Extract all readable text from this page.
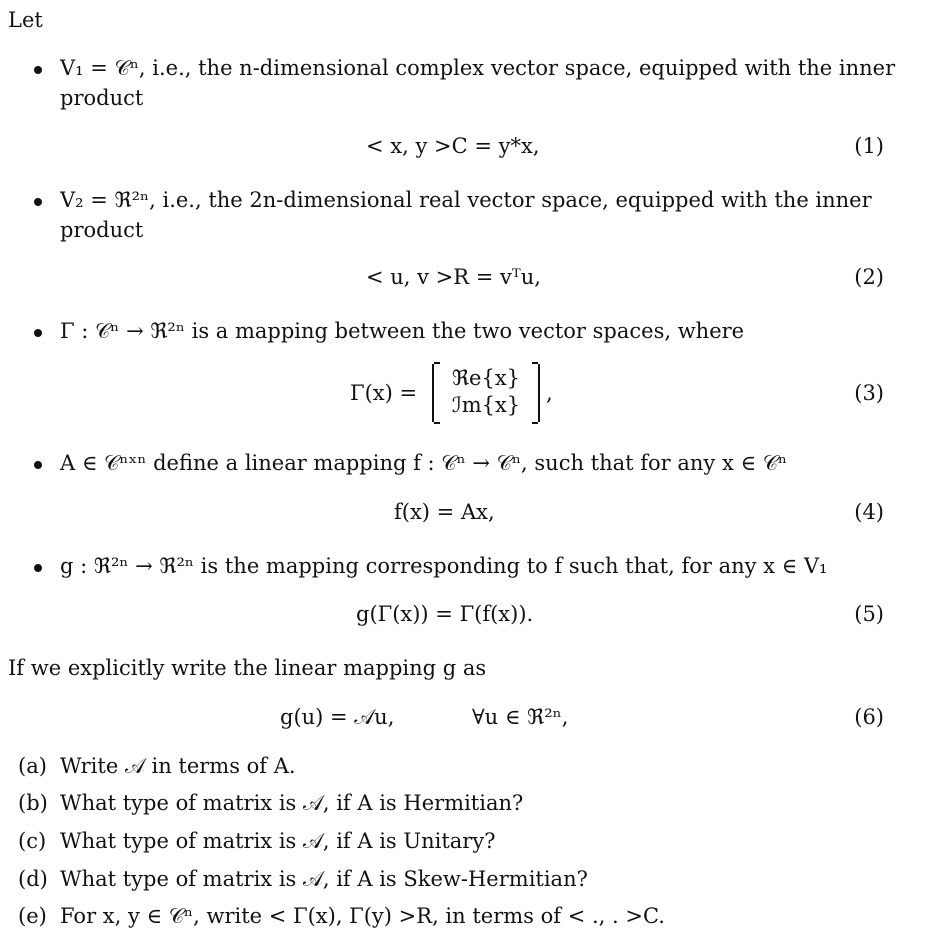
Let
V₁ = 𝒞ⁿ, i.e., the n-dimensional complex vector space, equipped with the inner
product
< x, y >C = y*x,	(1)
V₂ = ℜ²ⁿ, i.e., the 2n-dimensional real vector space, equipped with the inner
product
< u, v >R = vᵀu,	(2)
Γ : 𝒞ⁿ → ℜ²ⁿ is a mapping between the two vector spaces, where
Γ(x) =	,	(3)
ℜe{x}
ℐm{x}
A ∈ 𝒞ⁿˣⁿ define a linear mapping f : 𝒞ⁿ → 𝒞ⁿ, such that for any x ∈ 𝒞ⁿ
f(x) = Ax,	(4)
g : ℜ²ⁿ → ℜ²ⁿ is the mapping corresponding to f such that, for any x ∈ V₁
g(Γ(x)) = Γ(f(x)).	(5)
If we explicitly write the linear mapping g as
g(u) = 𝒜u,	∀u ∈ ℜ²ⁿ,	(6)
(a) Write 𝒜 in terms of A.
(b) What type of matrix is 𝒜, if A is Hermitian?
(c) What type of matrix is 𝒜, if A is Unitary?
(d) What type of matrix is 𝒜, if A is Skew-Hermitian?
(e) For x, y ∈ 𝒞ⁿ, write < Γ(x), Γ(y) >R, in terms of < ., . >C.
